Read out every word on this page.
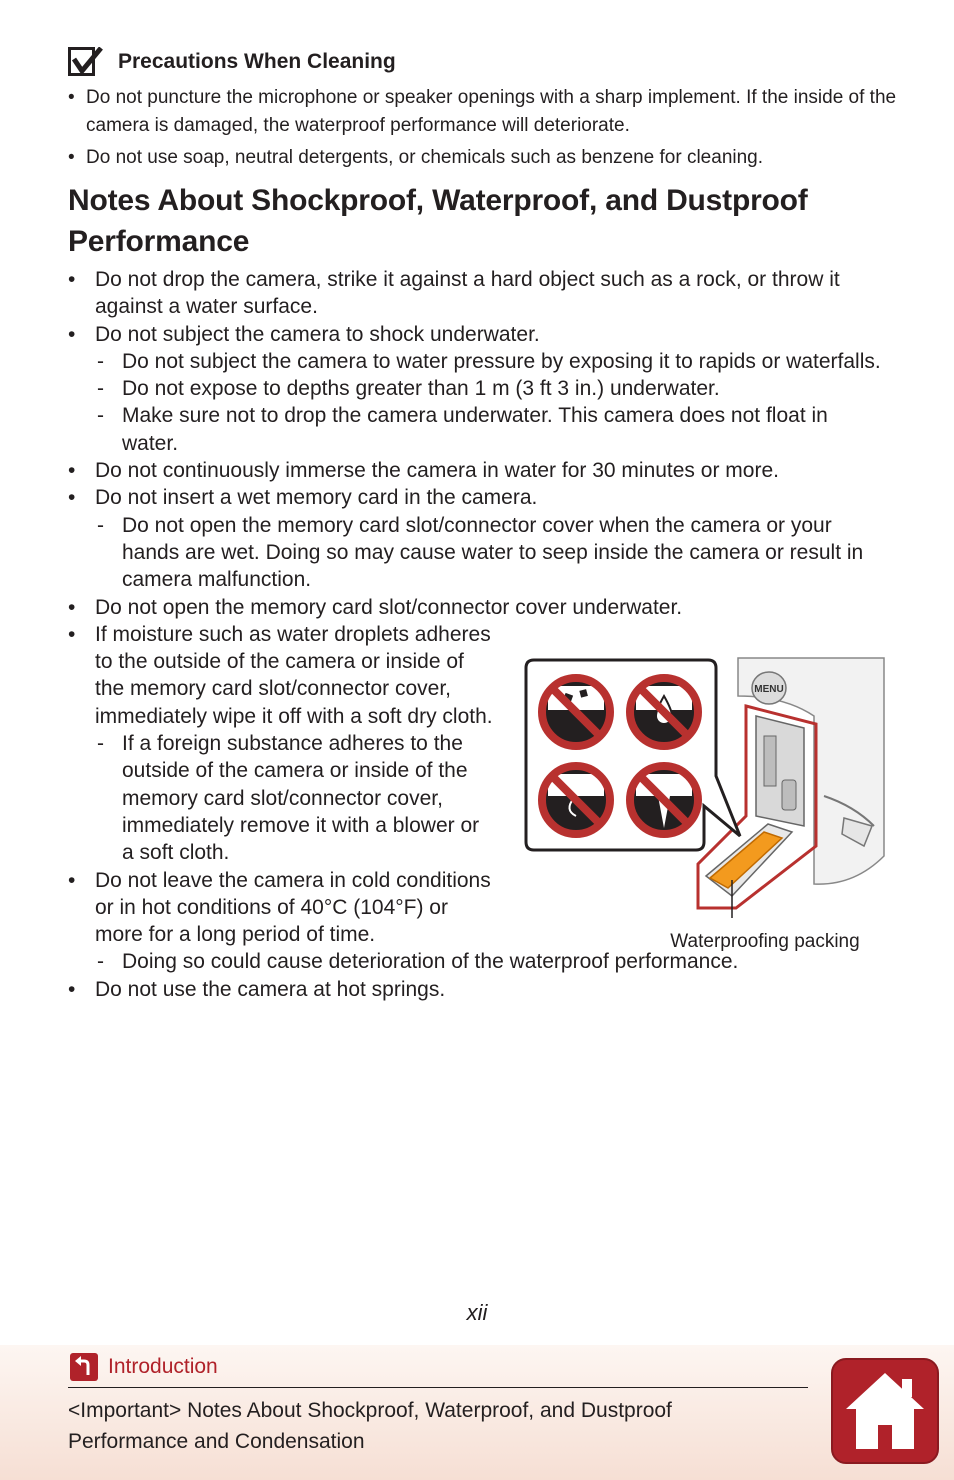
Precautions When Cleaning
• Do not puncture the microphone or speaker openings with a sharp implement. If the inside of the camera is damaged, the waterproof performance will deteriorate.
• Do not use soap, neutral detergents, or chemicals such as benzene for cleaning.
Notes About Shockproof, Waterproof, and Dustproof Performance
• Do not drop the camera, strike it against a hard object such as a rock, or throw it against a water surface.
• Do not subject the camera to shock underwater.
- Do not subject the camera to water pressure by exposing it to rapids or waterfalls.
- Do not expose to depths greater than 1 m (3 ft 3 in.) underwater.
- Make sure not to drop the camera underwater. This camera does not float in water.
• Do not continuously immerse the camera in water for 30 minutes or more.
• Do not insert a wet memory card in the camera.
- Do not open the memory card slot/connector cover when the camera or your hands are wet. Doing so may cause water to seep inside the camera or result in camera malfunction.
• Do not open the memory card slot/connector cover underwater.
• If moisture such as water droplets adheres to the outside of the camera or inside of the memory card slot/connector cover, immediately wipe it off with a soft dry cloth.
- If a foreign substance adheres to the outside of the camera or inside of the memory card slot/connector cover, immediately remove it with a blower or a soft cloth.
• Do not leave the camera in cold conditions or in hot conditions of 40°C (104°F) or more for a long period of time.
- Doing so could cause deterioration of the waterproof performance.
• Do not use the camera at hot springs.
MENU
Waterproofing packing
xii
Introduction
<Important> Notes About Shockproof, Waterproof, and Dustproof Performance and Condensation
